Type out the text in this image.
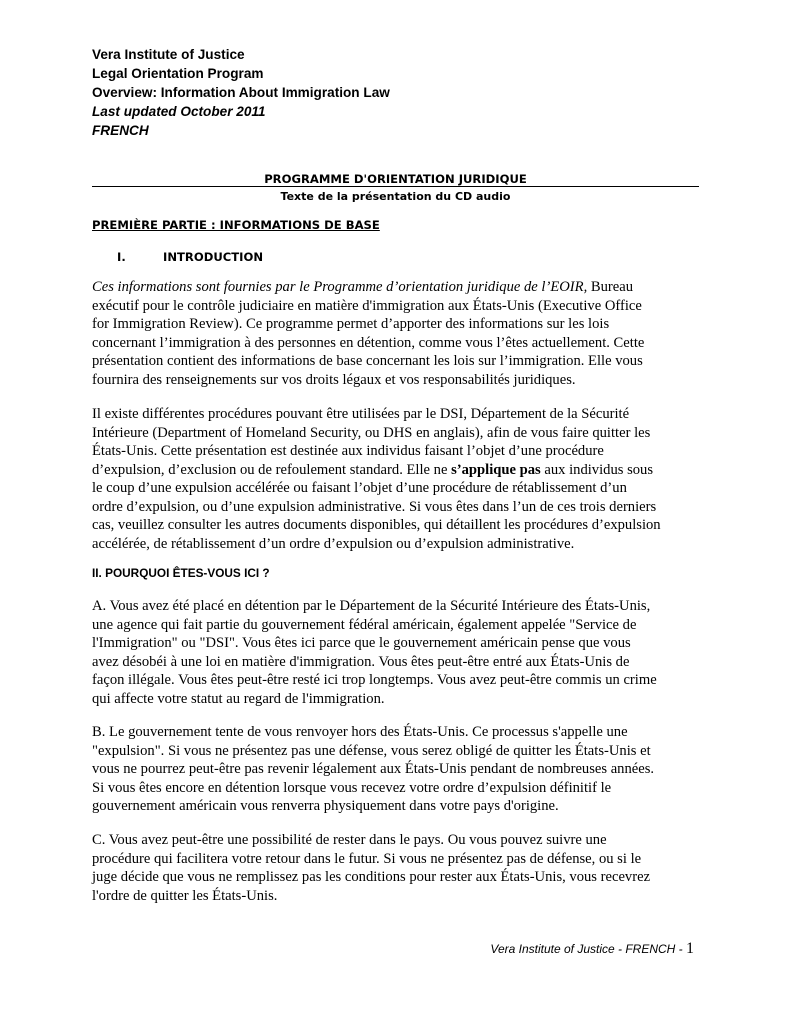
Vera Institute of Justice
Legal Orientation Program
Overview: Information About Immigration Law
Last updated October 2011
FRENCH
PROGRAMME D'ORIENTATION JURIDIQUE
Texte de la présentation du CD audio
PREMIÈRE PARTIE : INFORMATIONS DE BASE
I.	INTRODUCTION
Ces informations sont fournies par le Programme d’orientation juridique de l’EOIR, Bureau
exécutif pour le contrôle judiciaire en matière d'immigration aux États-Unis (Executive Office
for Immigration Review). Ce programme permet d’apporter des informations sur les lois
concernant l’immigration à des personnes en détention, comme vous l’êtes actuellement. Cette
présentation contient des informations de base concernant les lois sur l’immigration. Elle vous
fournira des renseignements sur vos droits légaux et vos responsabilités juridiques.
Il existe différentes procédures pouvant être utilisées par le DSI, Département de la Sécurité
Intérieure (Department of Homeland Security, ou DHS en anglais), afin de vous faire quitter les
États-Unis. Cette présentation est destinée aux individus faisant l’objet d’une procédure
d’expulsion, d’exclusion ou de refoulement standard. Elle ne s’applique pas aux individus sous
le coup d’une expulsion accélérée ou faisant l’objet d’une procédure de rétablissement d’un
ordre d’expulsion, ou d’une expulsion administrative. Si vous êtes dans l’un de ces trois derniers
cas, veuillez consulter les autres documents disponibles, qui détaillent les procédures d’expulsion
accélérée, de rétablissement d’un ordre d’expulsion ou d’expulsion administrative.
II. POURQUOI ÊTES-VOUS ICI ?
A. Vous avez été placé en détention par le Département de la Sécurité Intérieure des États-Unis,
une agence qui fait partie du gouvernement fédéral américain, également appelée "Service de
l'Immigration" ou "DSI". Vous êtes ici parce que le gouvernement américain pense que vous
avez désobéi à une loi en matière d'immigration. Vous êtes peut-être entré aux États-Unis de
façon illégale. Vous êtes peut-être resté ici trop longtemps. Vous avez peut-être commis un crime
qui affecte votre statut au regard de l'immigration.
B. Le gouvernement tente de vous renvoyer hors des États-Unis. Ce processus s'appelle une
"expulsion". Si vous ne présentez pas une défense, vous serez obligé de quitter les États-Unis et
vous ne pourrez peut-être pas revenir légalement aux États-Unis pendant de nombreuses années.
Si vous êtes encore en détention lorsque vous recevez votre ordre d’expulsion définitif le
gouvernement américain vous renverra physiquement dans votre pays d'origine.
C. Vous avez peut-être une possibilité de rester dans le pays. Ou vous pouvez suivre une
procédure qui facilitera votre retour dans le futur. Si vous ne présentez pas de défense, ou si le
juge décide que vous ne remplissez pas les conditions pour rester aux États-Unis, vous recevrez
l'ordre de quitter les États-Unis.
Vera Institute of Justice - FRENCH - 1
